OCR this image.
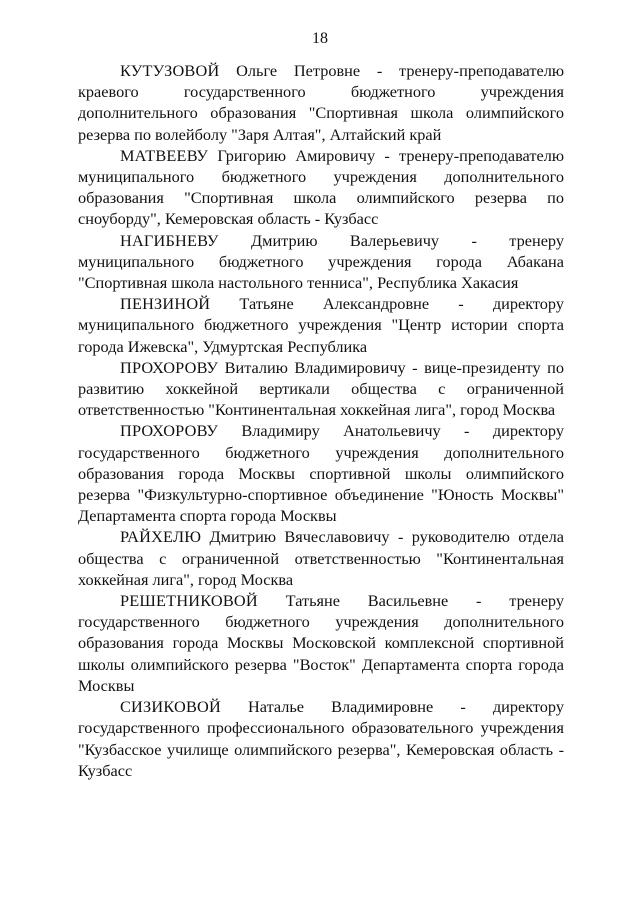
18

КУТУЗОВОЙ Ольге Петровне - тренеру-преподавателю краевого государственного бюджетного учреждения дополнительного образования "Спортивная школа олимпийского резерва по волейболу "Заря Алтая", Алтайский край

МАТВЕЕВУ Григорию Амировичу - тренеру-преподавателю муниципального бюджетного учреждения дополнительного образования "Спортивная школа олимпийского резерва по сноуборду", Кемеровская область - Кузбасс

НАГИБНЕВУ Дмитрию Валерьевичу - тренеру муниципального бюджетного учреждения города Абакана "Спортивная школа настольного тенниса", Республика Хакасия

ПЕНЗИНОЙ Татьяне Александровне - директору муниципального бюджетного учреждения "Центр истории спорта города Ижевска", Удмуртская Республика

ПРОХОРОВУ Виталию Владимировичу - вице-президенту по развитию хоккейной вертикали общества с ограниченной ответственностью "Континентальная хоккейная лига", город Москва

ПРОХОРОВУ Владимиру Анатольевичу - директору государственного бюджетного учреждения дополнительного образования города Москвы спортивной школы олимпийского резерва "Физкультурно-спортивное объединение "Юность Москвы" Департамента спорта города Москвы

РАЙХЕЛЮ Дмитрию Вячеславовичу - руководителю отдела общества с ограниченной ответственностью "Континентальная хоккейная лига", город Москва

РЕШЕТНИКОВОЙ Татьяне Васильевне - тренеру государственного бюджетного учреждения дополнительного образования города Москвы Московской комплексной спортивной школы олимпийского резерва "Восток" Департамента спорта города Москвы

СИЗИКОВОЙ Наталье Владимировне - директору государственного профессионального образовательного учреждения "Кузбасское училище олимпийского резерва", Кемеровская область - Кузбасс
